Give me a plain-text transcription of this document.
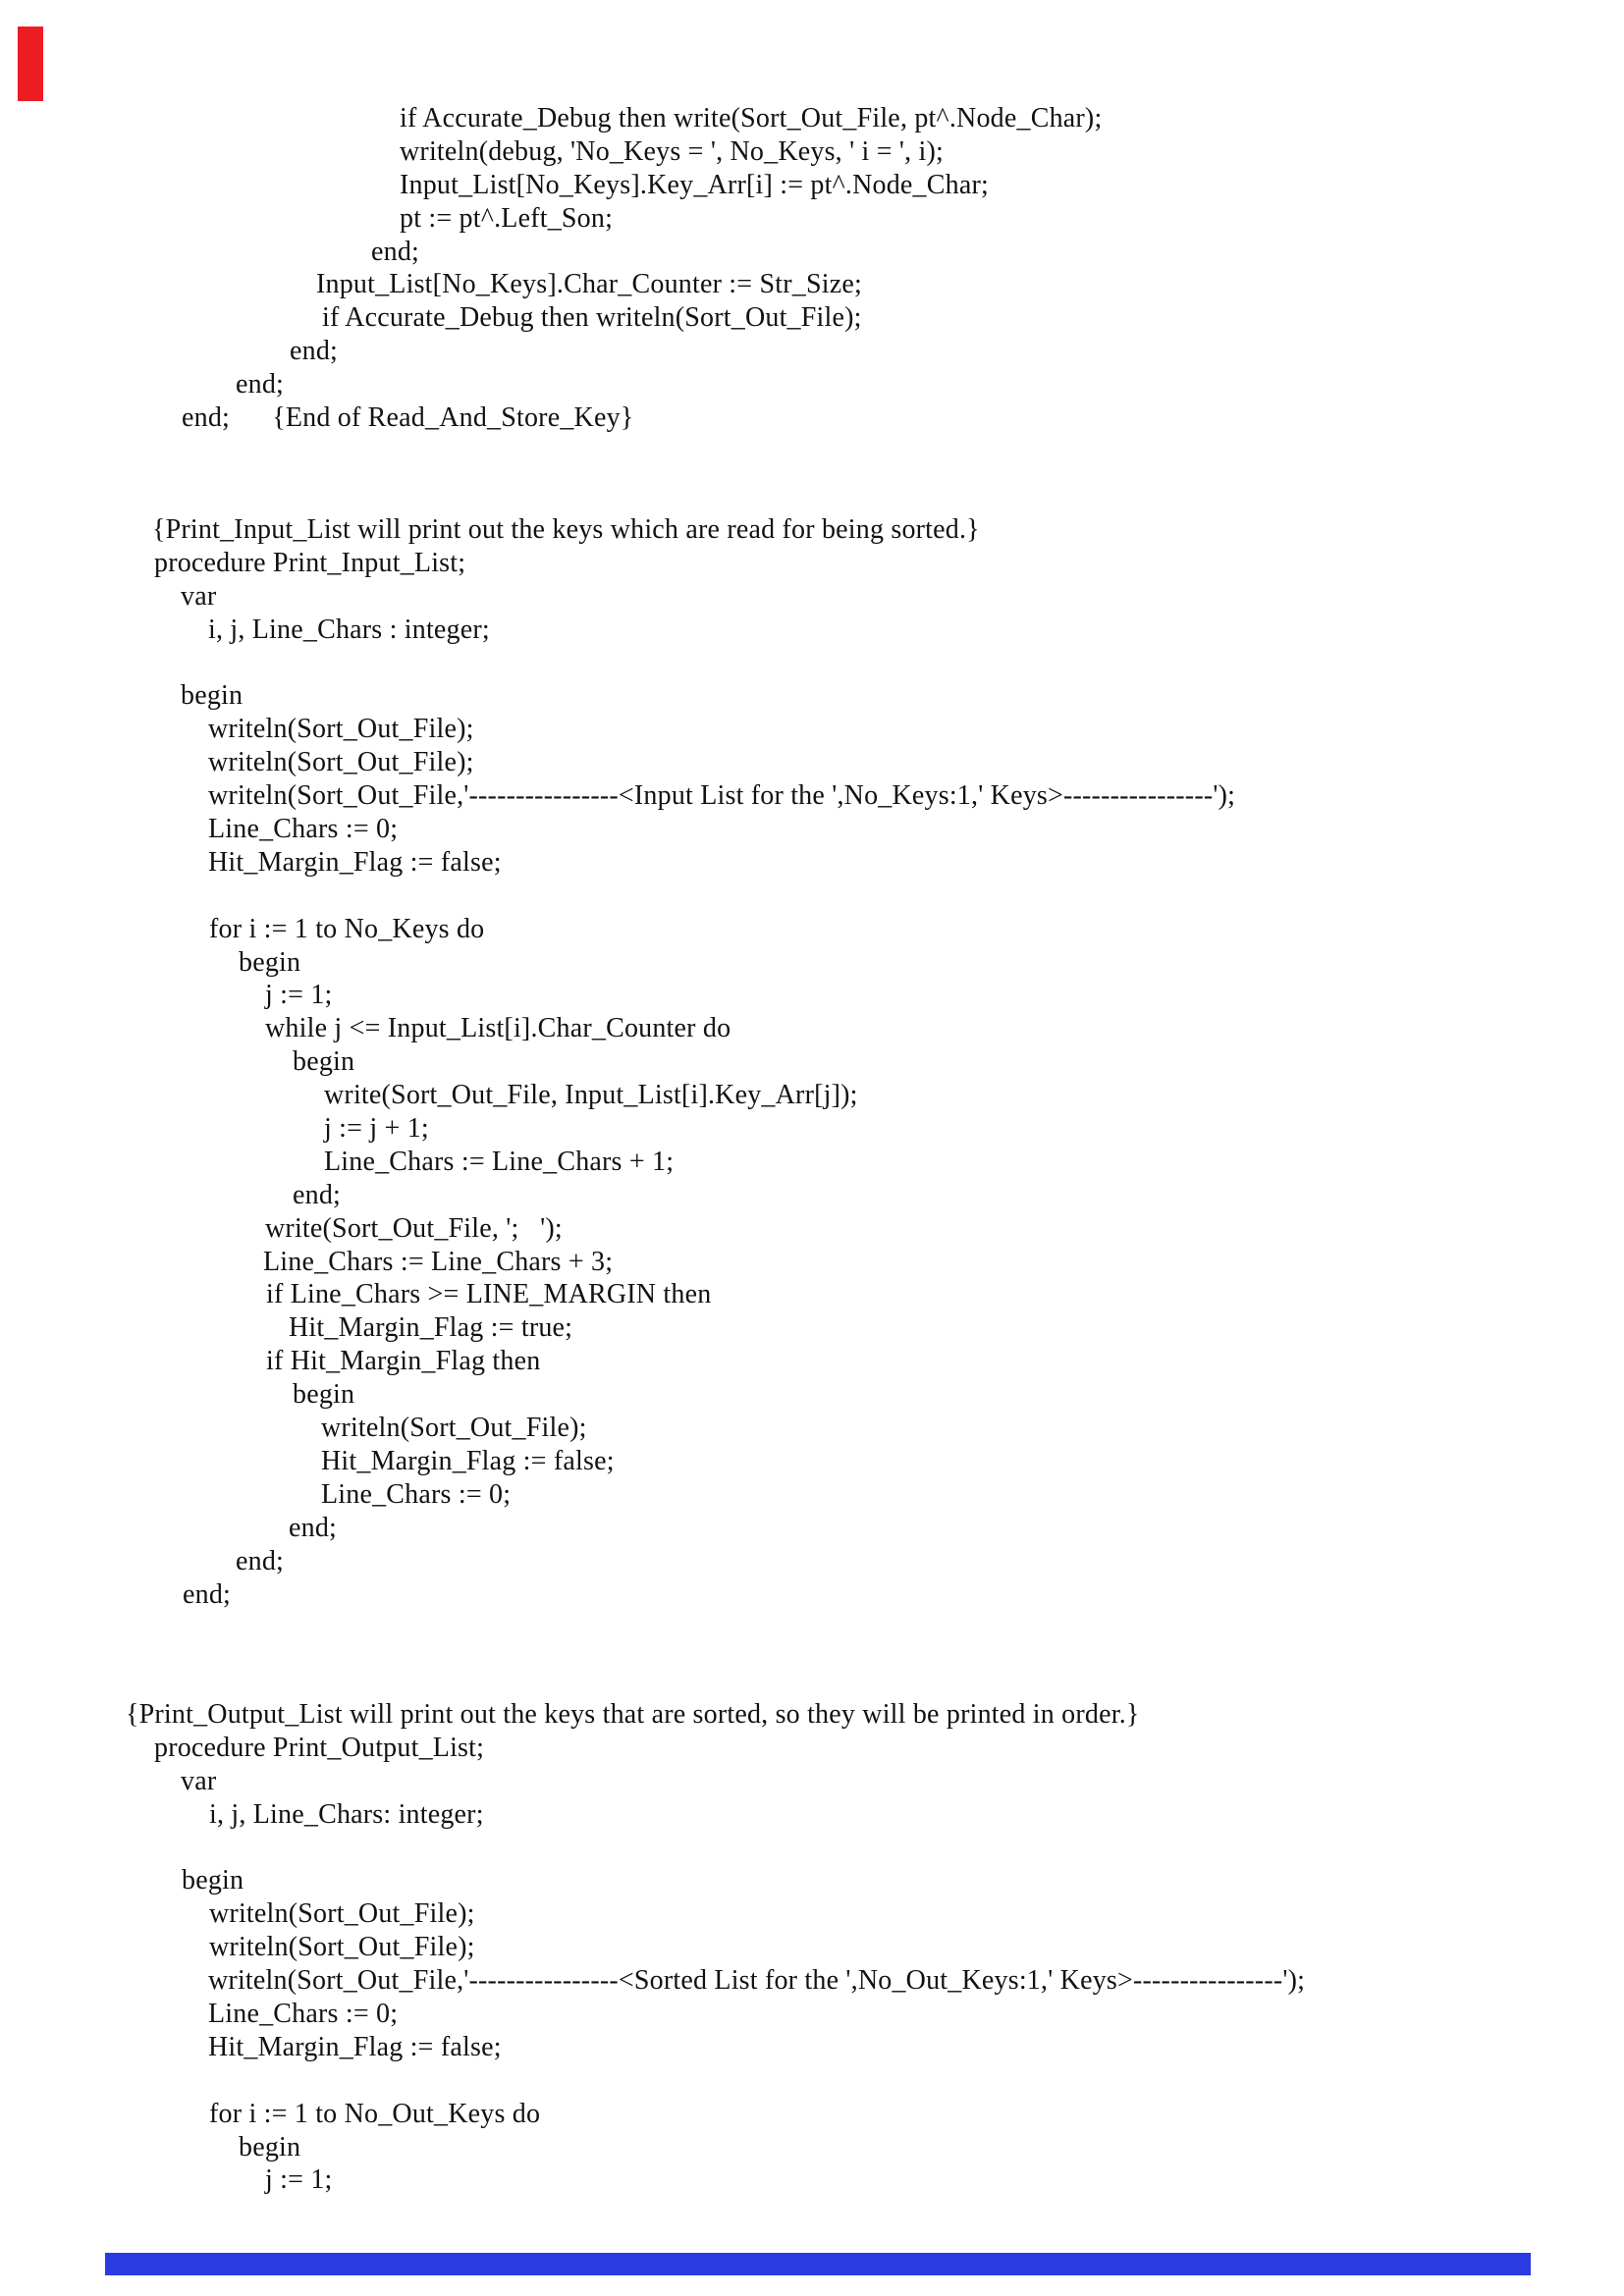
if Accurate_Debug then write(Sort_Out_File, pt^.Node_Char);
writeln(debug, 'No_Keys = ', No_Keys, ' i = ', i);
Input_List[No_Keys].Key_Arr[i] := pt^.Node_Char;
pt := pt^.Left_Son;
end;
Input_List[No_Keys].Char_Counter := Str_Size;
if Accurate_Debug then writeln(Sort_Out_File);
end;
end;
end;      {End of Read_And_Store_Key}
{Print_Input_List will print out the keys which are read for being sorted.}
procedure Print_Input_List;
var
i, j, Line_Chars : integer;
begin
writeln(Sort_Out_File);
writeln(Sort_Out_File);
writeln(Sort_Out_File,'----------------<Input List for the ',No_Keys:1,' Keys>----------------');
Line_Chars := 0;
Hit_Margin_Flag := false;
for i := 1 to No_Keys do
begin
j := 1;
while j <= Input_List[i].Char_Counter do
begin
write(Sort_Out_File, Input_List[i].Key_Arr[j]);
j := j + 1;
Line_Chars := Line_Chars + 1;
end;
write(Sort_Out_File, ';   ');
Line_Chars := Line_Chars + 3;
if Line_Chars >= LINE_MARGIN then
Hit_Margin_Flag := true;
if Hit_Margin_Flag then
begin
writeln(Sort_Out_File);
Hit_Margin_Flag := false;
Line_Chars := 0;
end;
end;
end;
{Print_Output_List will print out the keys that are sorted, so they will be printed in order.}
procedure Print_Output_List;
var
i, j, Line_Chars: integer;
begin
writeln(Sort_Out_File);
writeln(Sort_Out_File);
writeln(Sort_Out_File,'----------------<Sorted List for the ',No_Out_Keys:1,' Keys>----------------');
Line_Chars := 0;
Hit_Margin_Flag := false;
for i := 1 to No_Out_Keys do
begin
j := 1;
